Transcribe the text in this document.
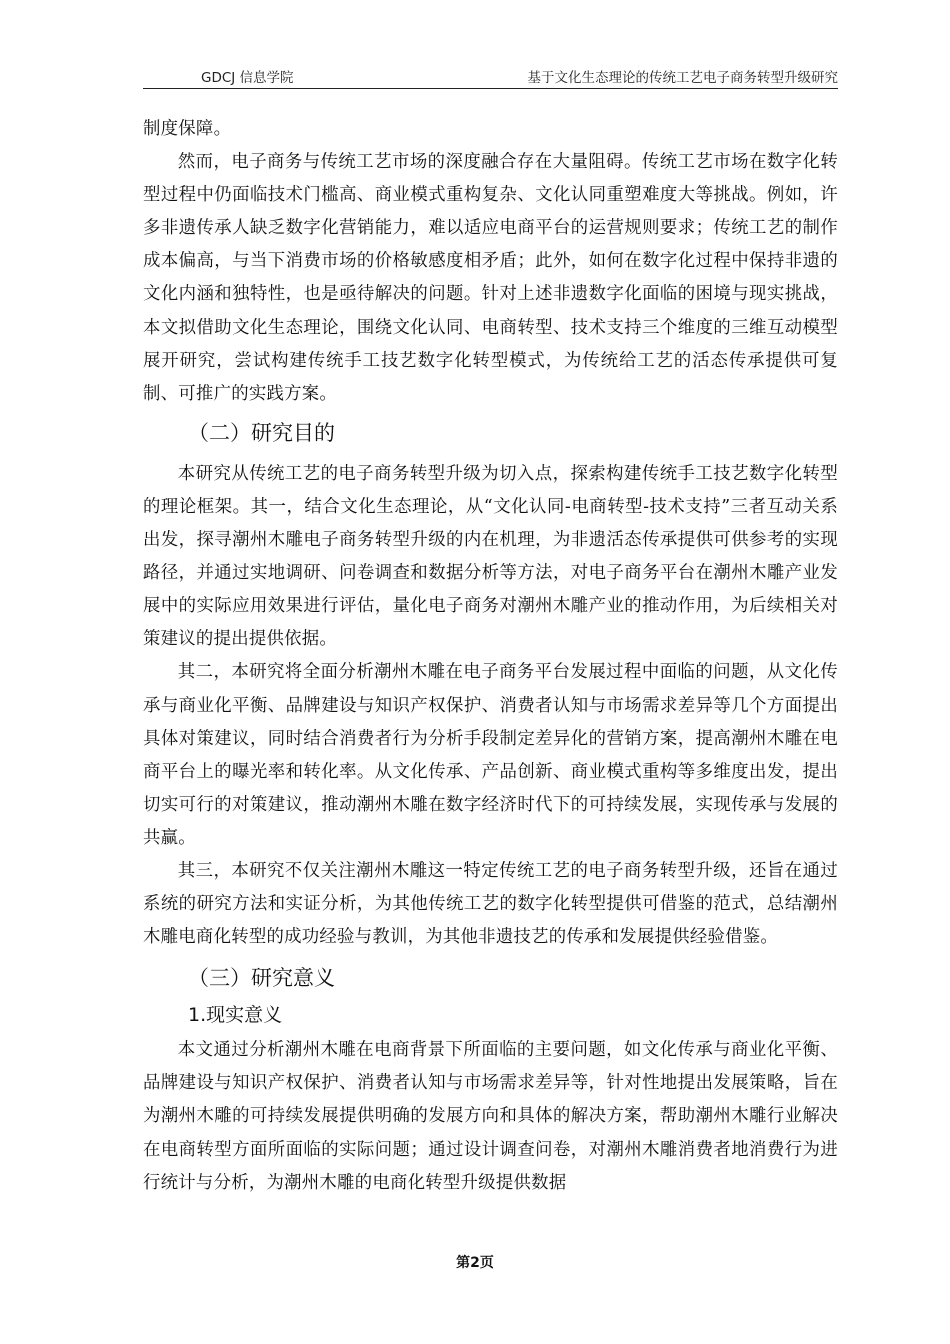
GDCJ 信息学院	基于文化生态理论的传统工艺电子商务转型升级研究

制度保障。

然而，电子商务与传统工艺市场的深度融合存在大量阻碍。传统工艺市场在数字化转型过程中仍面临技术门槛高、商业模式重构复杂、文化认同重塑难度大等挑战。例如，许多非遗传承人缺乏数字化营销能力，难以适应电商平台的运营规则要求；传统工艺的制作成本偏高，与当下消费市场的价格敏感度相矛盾；此外，如何在数字化过程中保持非遗的文化内涵和独特性，也是亟待解决的问题。针对上述非遗数字化面临的困境与现实挑战，本文拟借助文化生态理论，围绕文化认同、电商转型、技术支持三个维度的三维互动模型展开研究，尝试构建传统手工技艺数字化转型模式，为传统给工艺的活态传承提供可复制、可推广的实践方案。

（二）研究目的

本研究从传统工艺的电子商务转型升级为切入点，探索构建传统手工技艺数字化转型的理论框架。其一，结合文化生态理论，从“文化认同-电商转型-技术支持”三者互动关系出发，探寻潮州木雕电子商务转型升级的内在机理，为非遗活态传承提供可供参考的实现路径，并通过实地调研、问卷调查和数据分析等方法，对电子商务平台在潮州木雕产业发展中的实际应用效果进行评估，量化电子商务对潮州木雕产业的推动作用，为后续相关对策建议的提出提供依据。

其二，本研究将全面分析潮州木雕在电子商务平台发展过程中面临的问题，从文化传承与商业化平衡、品牌建设与知识产权保护、消费者认知与市场需求差异等几个方面提出具体对策建议，同时结合消费者行为分析手段制定差异化的营销方案，提高潮州木雕在电商平台上的曝光率和转化率。从文化传承、产品创新、商业模式重构等多维度出发，提出切实可行的对策建议，推动潮州木雕在数字经济时代下的可持续发展，实现传承与发展的共赢。

其三，本研究不仅关注潮州木雕这一特定传统工艺的电子商务转型升级，还旨在通过系统的研究方法和实证分析，为其他传统工艺的数字化转型提供可借鉴的范式，总结潮州木雕电商化转型的成功经验与教训，为其他非遗技艺的传承和发展提供经验借鉴。

（三）研究意义
1.现实意义

本文通过分析潮州木雕在电商背景下所面临的主要问题，如文化传承与商业化平衡、品牌建设与知识产权保护、消费者认知与市场需求差异等，针对性地提出发展策略，旨在为潮州木雕的可持续发展提供明确的发展方向和具体的解决方案，帮助潮州木雕行业解决在电商转型方面所面临的实际问题；通过设计调查问卷，对潮州木雕消费者地消费行为进行统计与分析，为潮州木雕的电商化转型升级提供数据

第2页
